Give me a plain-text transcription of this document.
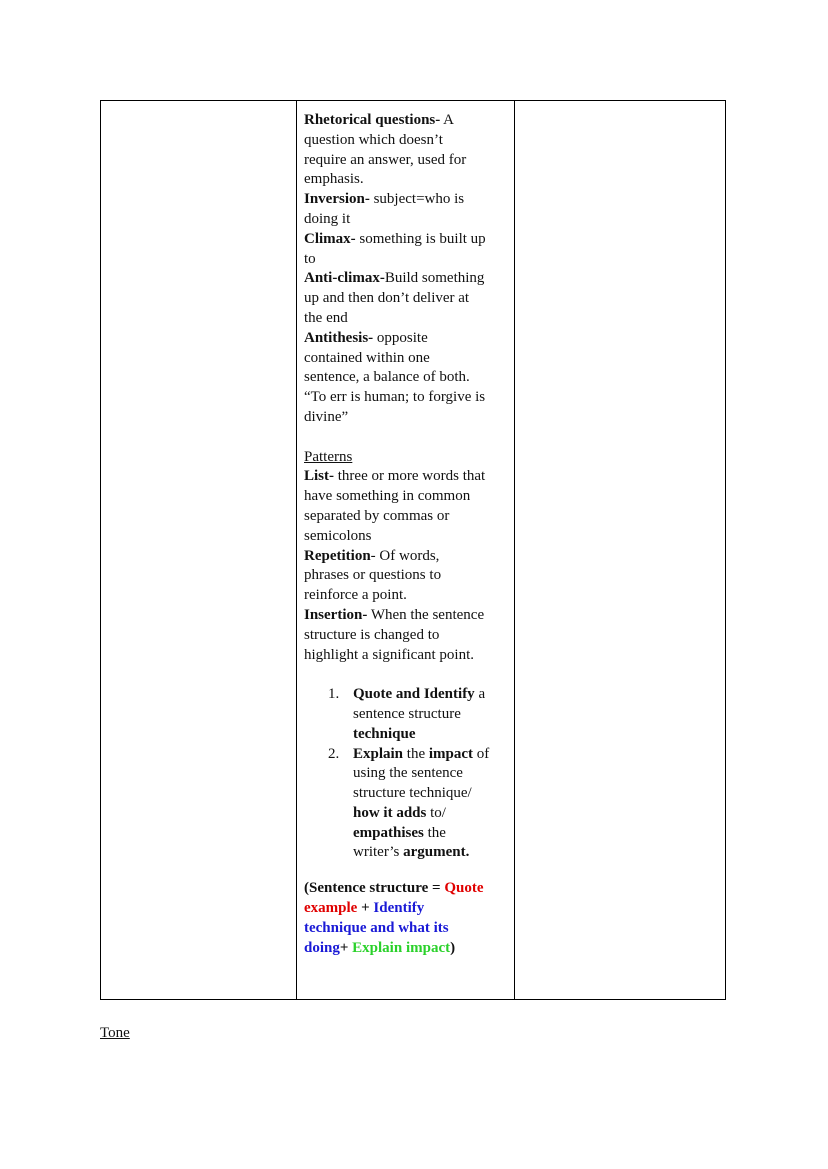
Rhetorical questions- A
question which doesn’t
require an answer, used for
emphasis.
Inversion- subject=who is
doing it
Climax- something is built up
to
Anti-climax-Build something
up and then don’t deliver at
the end
Antithesis- opposite
contained within one
sentence, a balance of both.
“To err is human; to forgive is
divine”
Patterns
List- three or more words that
have something in common
separated by commas or
semicolons
Repetition- Of words,
phrases or questions to
reinforce a point.
Insertion- When the sentence
structure is changed to
highlight a significant point.
Quote and Identify a
sentence structure
technique
Explain the impact of
using the sentence
structure technique/
how it adds to/
empathises the
writer’s argument.
(Sentence structure = Quote
example + Identify
technique and what its
doing+ Explain impact)
Tone
